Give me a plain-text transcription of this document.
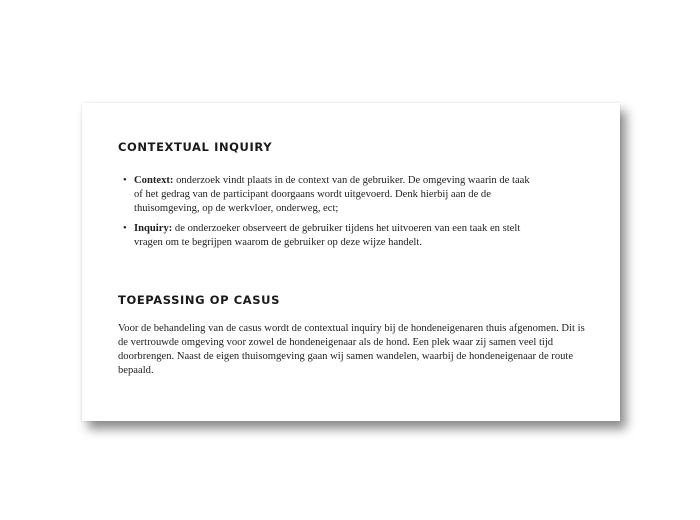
CONTEXTUAL INQUIRY
• Context: onderzoek vindt plaats in de context van de gebruiker. De omgeving waarin de taak of het gedrag van de participant doorgaans wordt uitgevoerd. Denk hierbij aan de de thuisomgeving, op de werkvloer, onderweg, ect;
• Inquiry: de onderzoeker observeert de gebruiker tijdens het uitvoeren van een taak en stelt vragen om te begrijpen waarom de gebruiker op deze wijze handelt.
TOEPASSING OP CASUS

Voor de behandeling van de casus wordt de contextual inquiry bij de hondeneigenaren thuis afgenomen. Dit is de vertrouwde omgeving voor zowel de hondeneigenaar als de hond. Een plek waar zij samen veel tijd doorbrengen. Naast de eigen thuisomgeving gaan wij samen wandelen, waarbij de hondeneigenaar de route bepaald.
